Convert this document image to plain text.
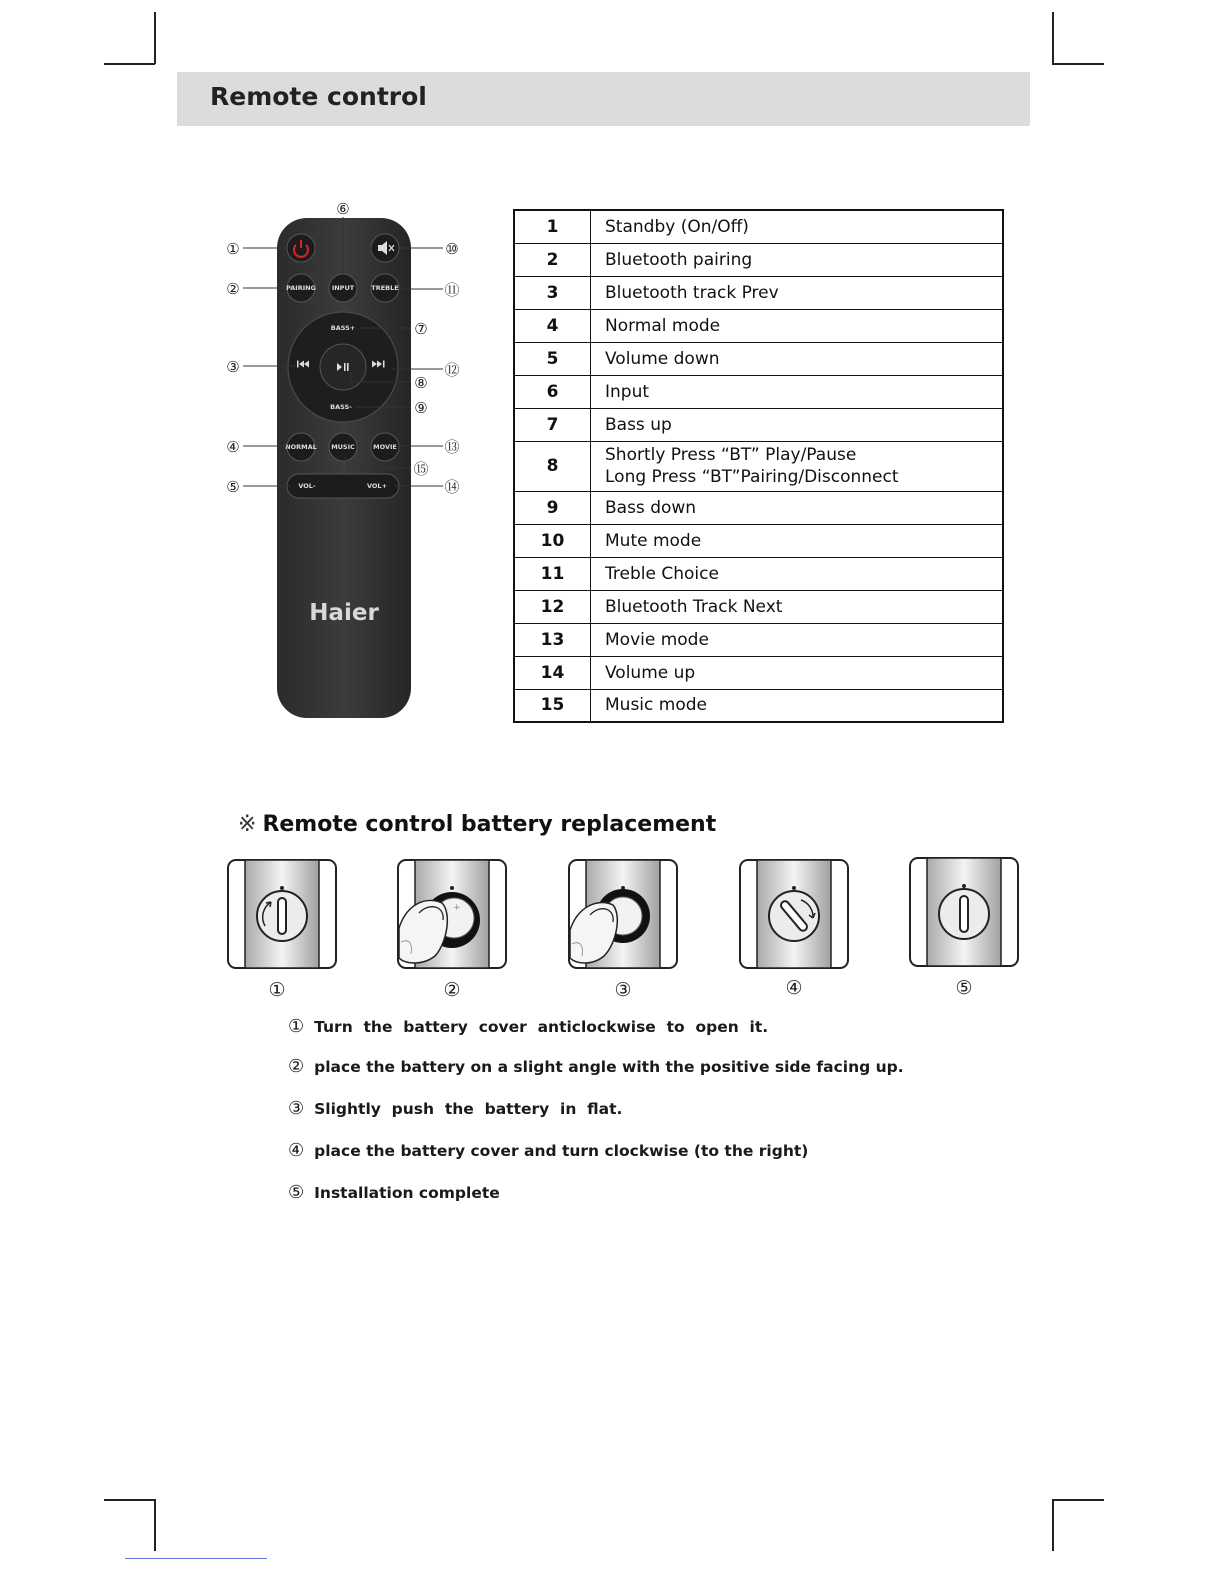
Remote control
PAIRING INPUT	TREBLE
BASS+
BASS-
NORMAL MUSIC	MOVIE
VOL-	VOL+
Haier
①
②
③
④
⑤
⑥
⑦
⑧
⑨
⑩
⑪
⑫
⑬
⑭
⑮
1	Standby (On/Off)

2	Bluetooth pairing

3	Bluetooth track Prev

4	Normal mode

5	Volume down

6	Input

7	Bass up

8	Shortly Press “BT” Play/Pause
Long Press “BT”Pairing/Disconnect

9	Bass down

10	Mute mode

11	Treble Choice

12	Bluetooth Track Next

13	Movie mode

14	Volume up

15	Music mode
※ Remote control battery replacement
+
①	②	③	④	⑤
① Turn  the  battery  cover  anticlockwise  to  open  it.
② place the battery on a slight angle with the positive side facing up.
③ Slightly  push  the  battery  in  flat.
④ place the battery cover and turn clockwise (to the right)
⑤ Installation complete
